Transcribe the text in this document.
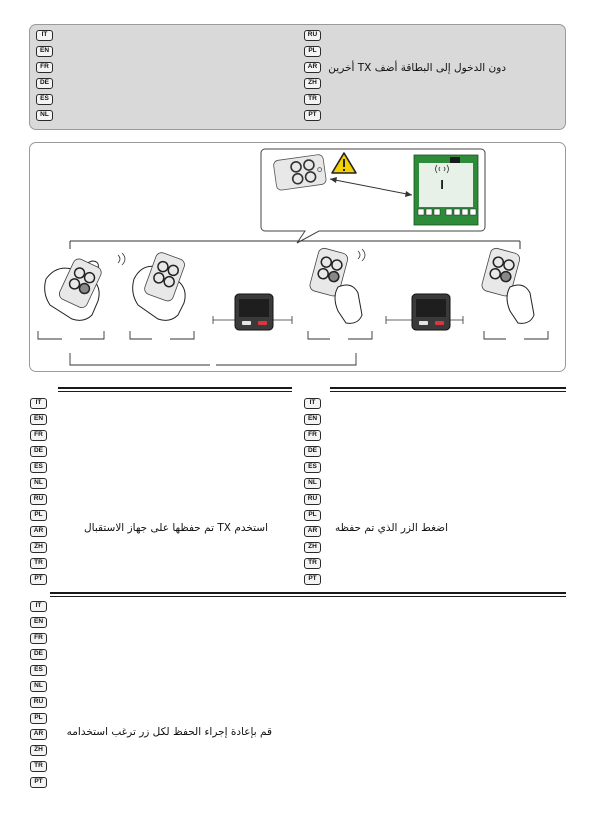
IT
EN
FR
DE
ES
NL
RU
PL
AR
ZH
TR
PT
دون الدخول إلى البطاقة أضف TX أخرين
I
IT
EN
FR
DE
ES
NL
RU
PL
AR
ZH
TR
PT
استخدم TX تم حفظها على جهاز الاستقبال
IT
EN
FR
DE
ES
NL
RU
PL
AR
ZH
TR
PT
اضغط الزر الذي تم حفظه
IT
EN
FR
DE
ES
NL
RU
PL
AR
ZH
TR
PT
قم بإعادة إجراء الحفظ لكل زر ترغب استخدامه
